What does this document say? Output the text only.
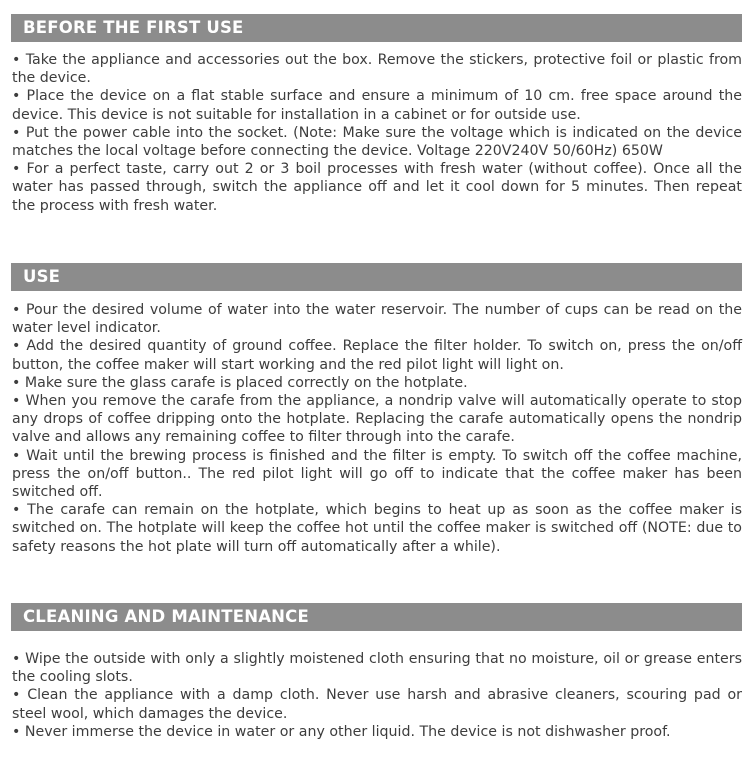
BEFORE THE FIRST USE

• Take the appliance and accessories out the box. Remove the stickers, protective foil or plastic from the device.

• Place the device on a flat stable surface and ensure a minimum of 10 cm. free space around the device. This device is not suitable for installation in a cabinet or for outside use.

• Put the power cable into the socket. (Note: Make sure the voltage which is indicated on the device matches the local voltage before connecting the device. Voltage 220V240V 50/60Hz) 650W

• For a perfect taste, carry out 2 or 3 boil processes with fresh water (without coffee). Once all the water has passed through, switch the appliance off and let it cool down for 5 minutes. Then repeat the process with fresh water.

USE

• Pour the desired volume of water into the water reservoir. The number of cups can be read on the water level indicator.

• Add the desired quantity of ground coffee. Replace the filter holder. To switch on, press the on/off button, the coffee maker will start working and the red pilot light will light on.

• Make sure the glass carafe is placed correctly on the hotplate.

• When you remove the carafe from the appliance, a nondrip valve will automatically operate to stop any drops of coffee dripping onto the hotplate. Replacing the carafe automatically opens the nondrip valve and allows any remaining coffee to filter through into the carafe.

• Wait until the brewing process is finished and the filter is empty. To switch off the coffee machine, press the on/off button.. The red pilot light will go off to indicate that the coffee maker has been switched off.

• The carafe can remain on the hotplate, which begins to heat up as soon as the coffee maker is switched on. The hotplate will keep the coffee hot until the coffee maker is switched off (NOTE: due to safety reasons the hot plate will turn off automatically after a while).

CLEANING AND MAINTENANCE

• Wipe the outside with only a slightly moistened cloth ensuring that no moisture, oil or grease enters the cooling slots.

• Clean the appliance with a damp cloth. Never use harsh and abrasive cleaners, scouring pad or steel wool, which damages the device.

• Never immerse the device in water or any other liquid. The device is not dishwasher proof.
